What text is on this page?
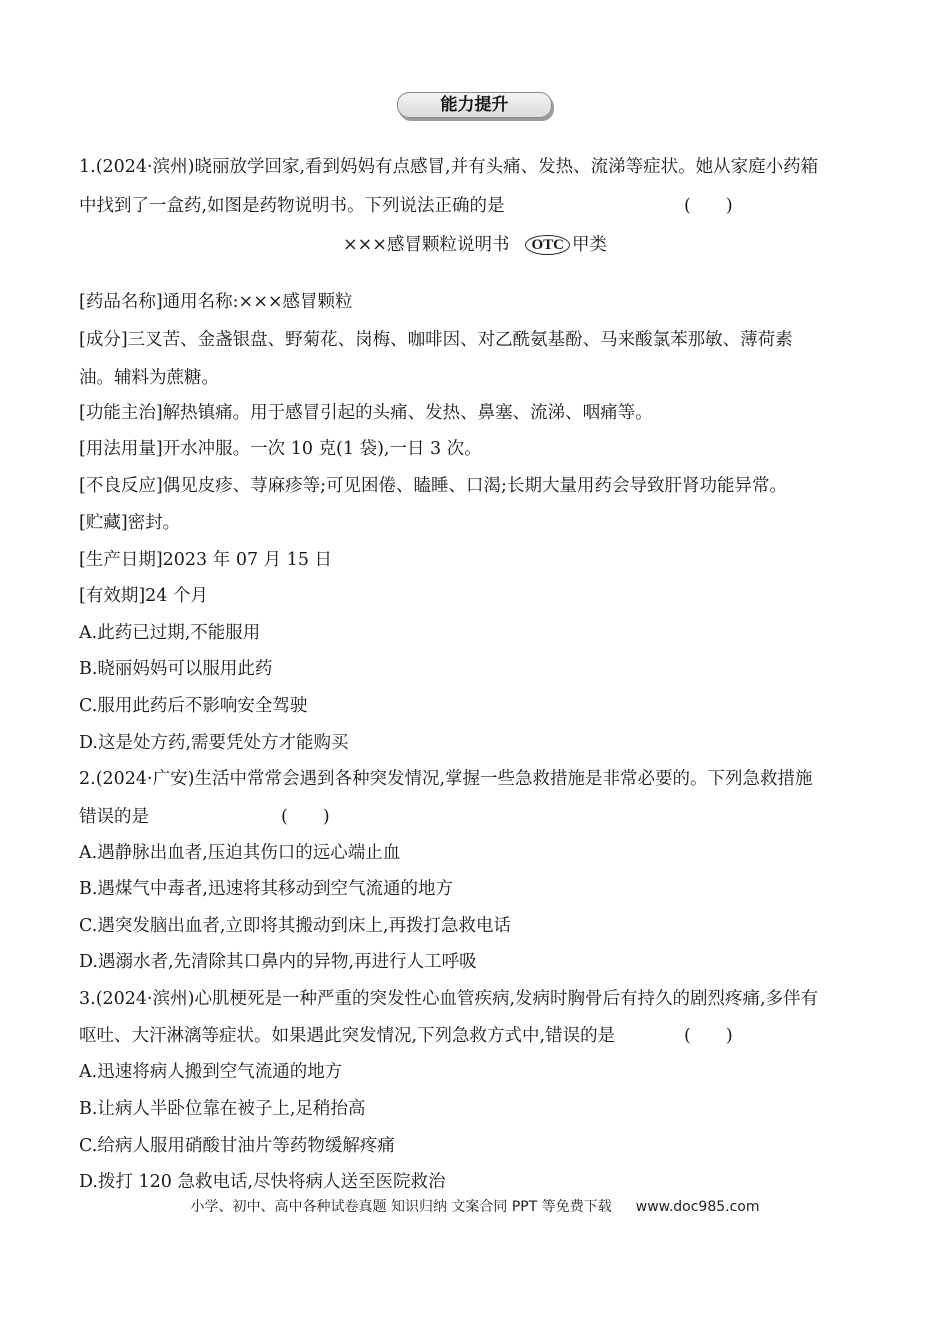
能力提升
1.(2024·滨州)晓丽放学回家,看到妈妈有点感冒,并有头痛、发热、流涕等症状。她从家庭小药箱
中找到了一盒药,如图是药物说明书。下列说法正确的是	(　　)
×××感冒颗粒说明书 OTC 甲类
[药品名称]通用名称:×××感冒颗粒
[成分]三叉苦、金盏银盘、野菊花、岗梅、咖啡因、对乙酰氨基酚、马来酸氯苯那敏、薄荷素
油。辅料为蔗糖。
[功能主治]解热镇痛。用于感冒引起的头痛、发热、鼻塞、流涕、咽痛等。
[用法用量]开水冲服。一次 10 克(1 袋),一日 3 次。
[不良反应]偶见皮疹、荨麻疹等;可见困倦、瞌睡、口渴;长期大量用药会导致肝肾功能异常。
[贮藏]密封。
[生产日期]2023 年 07 月 15 日
[有效期]24 个月
A.此药已过期,不能服用
B.晓丽妈妈可以服用此药
C.服用此药后不影响安全驾驶
D.这是处方药,需要凭处方才能购买
2.(2024·广安)生活中常常会遇到各种突发情况,掌握一些急救措施是非常必要的。下列急救措施
错误的是	(　　)
A.遇静脉出血者,压迫其伤口的远心端止血
B.遇煤气中毒者,迅速将其移动到空气流通的地方
C.遇突发脑出血者,立即将其搬动到床上,再拨打急救电话
D.遇溺水者,先清除其口鼻内的异物,再进行人工呼吸
3.(2024·滨州)心肌梗死是一种严重的突发性心血管疾病,发病时胸骨后有持久的剧烈疼痛,多伴有
呕吐、大汗淋漓等症状。如果遇此突发情况,下列急救方式中,错误的是	(　　)
A.迅速将病人搬到空气流通的地方
B.让病人半卧位靠在被子上,足稍抬高
C.给病人服用硝酸甘油片等药物缓解疼痛
D.拨打 120 急救电话,尽快将病人送至医院救治
小学、初中、高中各种试卷真题 知识归纳 文案合同 PPT 等免费下载 www.doc985.com
